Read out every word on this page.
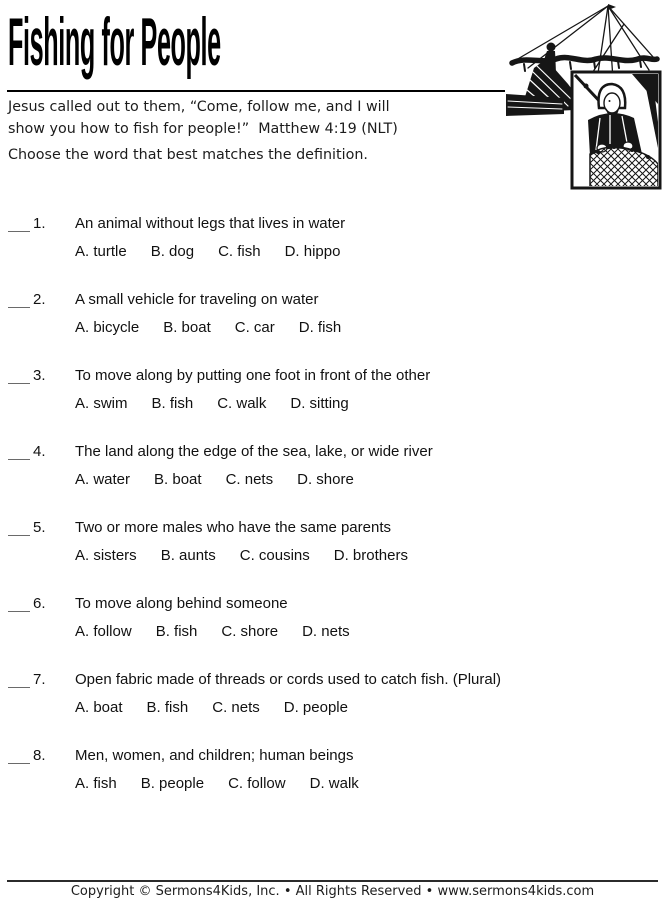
Fishing for People
Jesus called out to them, “Come, follow me, and I will
show you how to fish for people!”  Matthew 4:19 (NLT)
Choose the word that best matches the definition.
1.	An animal without legs that lives in water
A. turtle B. dog C. fish D. hippo
2.	A small vehicle for traveling on water
A. bicycle B. boat C. car D. fish
3.	To move along by putting one foot in front of the other
A. swim B. fish C. walk D. sitting
4.	The land along the edge of the sea, lake, or wide river
A. water B. boat C. nets D. shore
5.	Two or more males who have the same parents
A. sisters B. aunts C. cousins D. brothers
6.	To move along behind someone
A. follow B. fish C. shore D. nets
7.	Open fabric made of threads or cords used to catch fish. (Plural)
A. boat B. fish C. nets D. people
8.	Men, women, and children; human beings
A. fish B. people C. follow D. walk
Copyright © Sermons4Kids, Inc. • All Rights Reserved • www.sermons4kids.com
